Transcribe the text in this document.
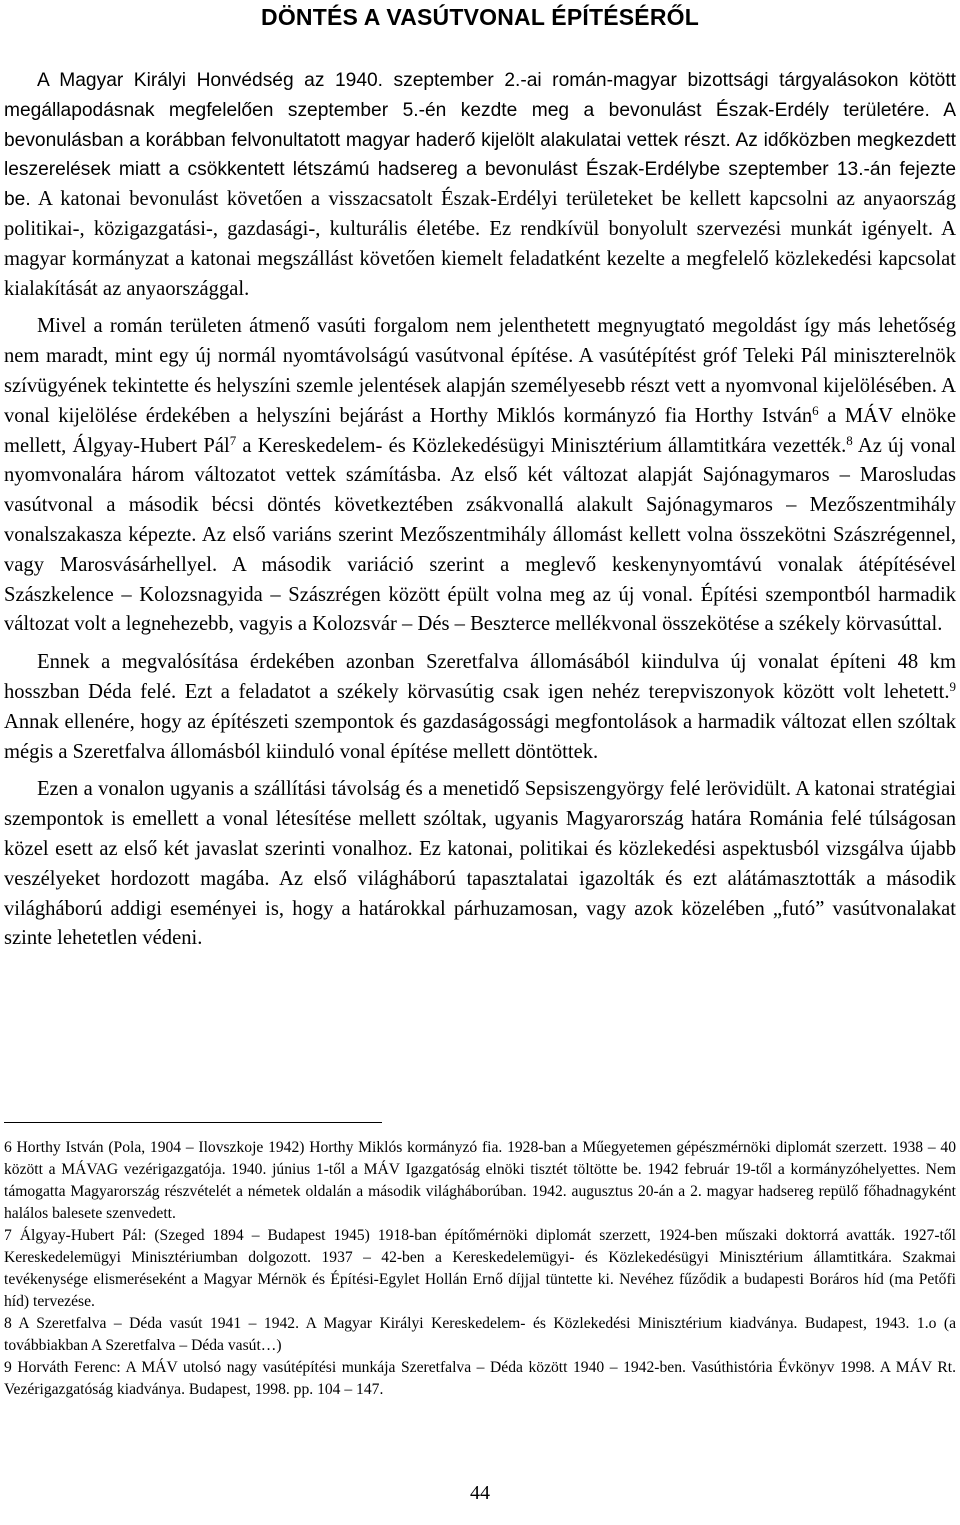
DÖNTÉS A VASÚTVONAL ÉPÍTÉSÉRŐL

A Magyar Királyi Honvédség az 1940. szeptember 2.-ai román-magyar bizottsági tárgyalásokon kötött megállapodásnak megfelelően szeptember 5.-én kezdte meg a bevonulást Észak-Erdély területére. A bevonulásban a korábban felvonultatott magyar haderő kijelölt alakulatai vettek részt. Az időközben megkezdett leszerelések miatt a csökkentett létszámú hadsereg a bevonulást Észak-Erdélybe szeptember 13.-án fejezte be. A katonai bevonulást követően a visszacsatolt Észak-Erdélyi területeket be kellett kapcsolni az anyaország politikai-, közigazgatási-, gazdasági-, kulturális életébe. Ez rendkívül bonyolult szervezési munkát igényelt. A magyar kormányzat a katonai megszállást követően kiemelt feladatként kezelte a megfelelő közlekedési kapcsolat kialakítását az anyaországgal.

Mivel a román területen átmenő vasúti forgalom nem jelenthetett megnyugtató megoldást így más lehetőség nem maradt, mint egy új normál nyomtávolságú vasútvonal építése. A vasútépítést gróf Teleki Pál miniszterelnök szívügyének tekintette és helyszíni szemle jelentések alapján személyesebb részt vett a nyomvonal kijelölésében. A vonal kijelölése érdekében a helyszíni bejárást a Horthy Miklós kormányzó fia Horthy István$^6$ a MÁV elnöke mellett, Álgyay-Hubert Pál$^7$ a Kereskedelem- és Közlekedésügyi Minisztérium államtitkára vezették.$^8$ Az új vonal nyomvonalára három változatot vettek számításba. Az első két változat alapját Sajónagymaros – Marosludas vasútvonal a második bécsi döntés következtében zsákvonallá alakult Sajónagymaros – Mezőszentmihály vonalszakasza képezte. Az első variáns szerint Mezőszentmihály állomást kellett volna összekötni Szászrégennel, vagy Marosvásárhellyel. A második variáció szerint a meglevő keskenynyomtávú vonalak átépítésével Szászkelence – Kolozsnagyida – Szászrégen között épült volna meg az új vonal. Építési szempontból harmadik változat volt a legnehezebb, vagyis a Kolozsvár – Dés – Beszterce mellékvonal összekötése a székely körvasúttal.

Ennek a megvalósítása érdekében azonban Szeretfalva állomásából kiindulva új vonalat építeni 48 km hosszban Déda felé. Ezt a feladatot a székely körvasútig csak igen nehéz terepviszonyok között volt lehetett.$^9$ Annak ellenére, hogy az építészeti szempontok és gazdaságossági megfontolások a harmadik változat ellen szóltak mégis a Szeretfalva állomásból kiinduló vonal építése mellett döntöttek.

Ezen a vonalon ugyanis a szállítási távolság és a menetidő Sepsiszengyörgy felé lerövidült. A katonai stratégiai szempontok is emellett a vonal létesítése mellett szóltak, ugyanis Magyarország határa Románia felé túlságosan közel esett az első két javaslat szerinti vonalhoz. Ez katonai, politikai és közlekedési aspektusból vizsgálva újabb veszélyeket hordozott magába. Az első világháború tapasztalatai igazolták és ezt alátámasztották a második világháború addigi eseményei is, hogy a határokkal párhuzamosan, vagy azok közelében „futó” vasútvonalakat szinte lehetetlen védeni.

6 Horthy István (Pola, 1904 – Ilovszkoje 1942) Horthy Miklós kormányzó fia. 1928-ban a Műegyetemen gépészmérnöki diplomát szerzett. 1938 – 40 között a MÁVAG vezérigazgatója. 1940. június 1-től a MÁV Igazgatóság elnöki tisztét töltötte be. 1942 február 19-től a kormányzóhelyettes. Nem támogatta Magyarország részvételét a németek oldalán a második világháborúban. 1942. augusztus 20-án a 2. magyar hadsereg repülő főhadnagyként halálos balesete szenvedett.

7 Álgyay-Hubert Pál: (Szeged 1894 – Budapest 1945) 1918-ban építőmérnöki diplomát szerzett, 1924-ben műszaki doktorrá avatták. 1927-től Kereskedelemügyi Minisztériumban dolgozott. 1937 – 42-ben a Kereskedelemügyi- és Közlekedésügyi Minisztérium államtitkára. Szakmai tevékenysége elismeréseként a Magyar Mérnök és Építési-Egylet Hollán Ernő díjjal tüntette ki. Nevéhez fűződik a budapesti Boráros híd (ma Petőfi híd) tervezése.

8 A Szeretfalva – Déda vasút 1941 – 1942. A Magyar Királyi Kereskedelem- és Közlekedési Minisztérium kiadványa. Budapest, 1943. 1.o (a továbbiakban A Szeretfalva – Déda vasút…)

9 Horváth Ferenc: A MÁV utolsó nagy vasútépítési munkája Szeretfalva – Déda között 1940 – 1942-ben. Vasúthistória Évkönyv 1998. A MÁV Rt. Vezérigazgatóság kiadványa. Budapest, 1998. pp. 104 – 147.

44
